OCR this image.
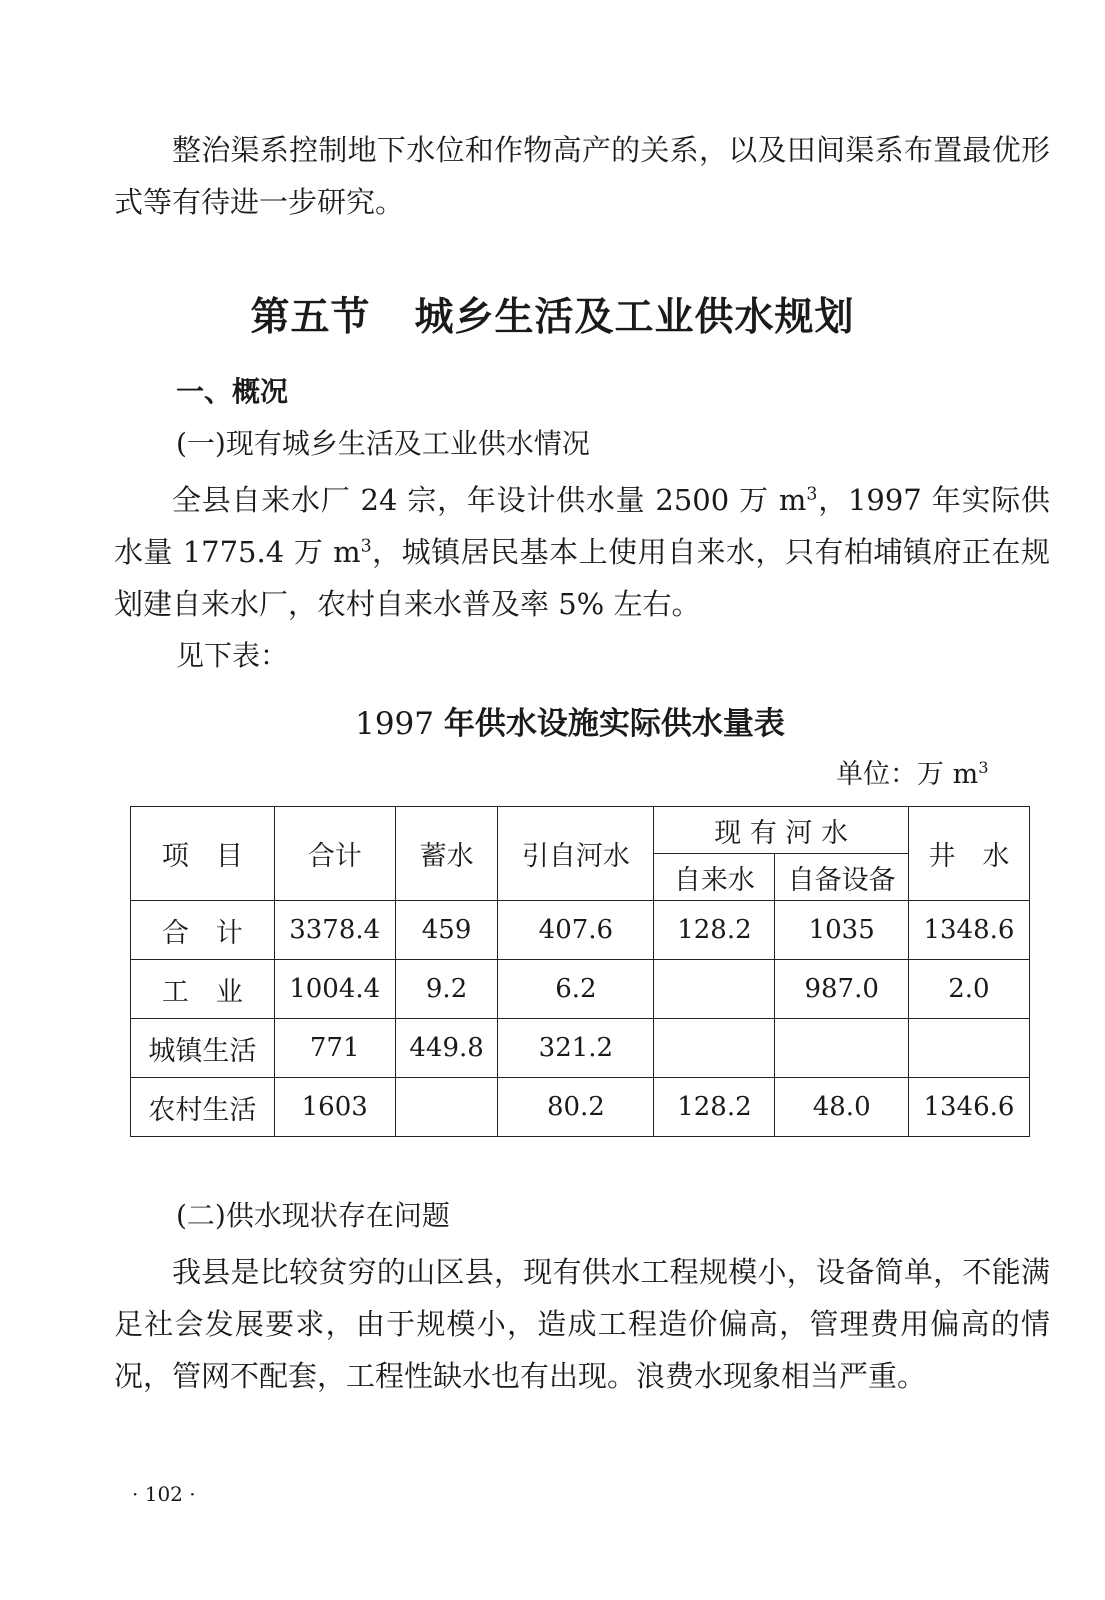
整治渠系控制地下水位和作物高产的关系，以及田间渠系布置最优形式等有待进一步研究。

第五节 城乡生活及工业供水规划
一、概况

(一)现有城乡生活及工业供水情况

全县自来水厂 24 宗，年设计供水量 2500 万 $m^3$，1997 年实际供水量 1775.4 万 $m^3$，城镇居民基本上使用自来水，只有柏埔镇府正在规划建自来水厂，农村自来水普及率 5% 左右。

见下表：

1997 年供水设施实际供水量表

单位：万 $m^3$

项　目	合计	蓄水	引自河水	现 有 河 水		井　水
				自来水	自备设备	
合　计	3378.4	459	407.6	128.2	1035	1348.6
工　业	1004.4	9.2	6.2		987.0	2.0
城镇生活	771	449.8	321.2			
农村生活	1603		80.2	128.2	48.0	1346.6

(二)供水现状存在问题

我县是比较贫穷的山区县，现有供水工程规模小，设备简单，不能满足社会发展要求，由于规模小，造成工程造价偏高，管理费用偏高的情况，管网不配套，工程性缺水也有出现。浪费水现象相当严重。

· 102 ·
